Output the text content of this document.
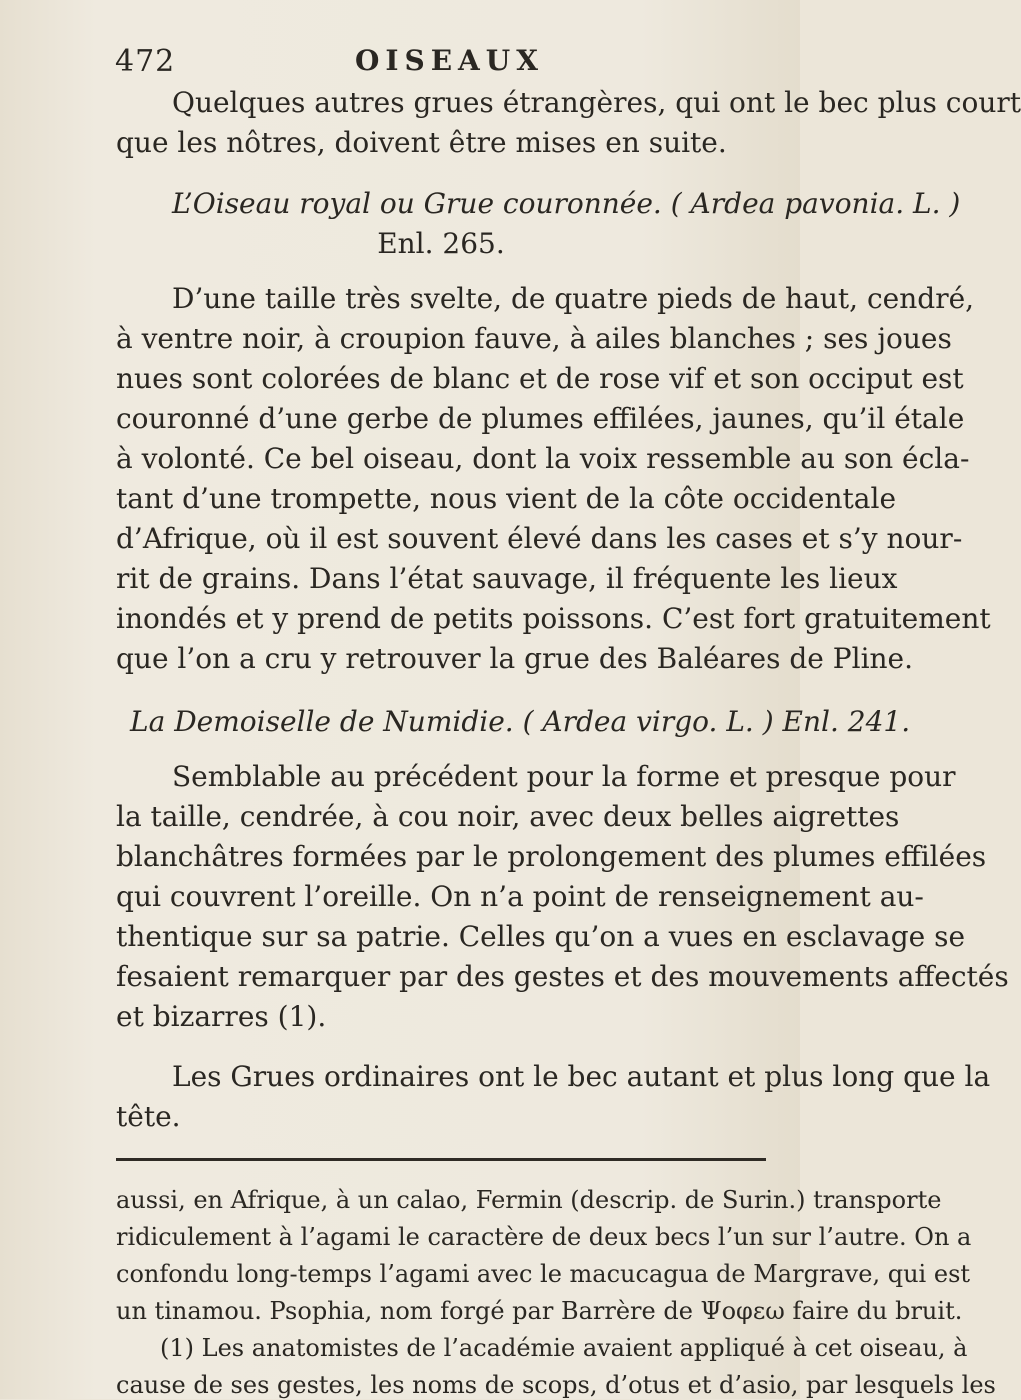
472	OISEAUX
Quelques autres grues étrangères, qui ont le bec plus court
que les nôtres, doivent être mises en suite.
L’Oiseau royal ou Grue couronnée. ( Ardea pavonia. L. )
Enl. 265.
D’une taille très svelte, de quatre pieds de haut, cendré,
à ventre noir, à croupion fauve, à ailes blanches ; ses joues
nues sont colorées de blanc et de rose vif et son occiput est
couronné d’une gerbe de plumes effilées, jaunes, qu’il étale
à volonté. Ce bel oiseau, dont la voix ressemble au son écla-
tant d’une trompette, nous vient de la côte occidentale
d’Afrique, où il est souvent élevé dans les cases et s’y nour-
rit de grains. Dans l’état sauvage, il fréquente les lieux
inondés et y prend de petits poissons. C’est fort gratuitement
que l’on a cru y retrouver la grue des Baléares de Pline.
La Demoiselle de Numidie. ( Ardea virgo. L. ) Enl. 241.
Semblable au précédent pour la forme et presque pour
la taille, cendrée, à cou noir, avec deux belles aigrettes
blanchâtres formées par le prolongement des plumes effilées
qui couvrent l’oreille. On n’a point de renseignement au-
thentique sur sa patrie. Celles qu’on a vues en esclavage se
fesaient remarquer par des gestes et des mouvements affectés
et bizarres (1).
Les Grues ordinaires ont le bec autant et plus long que la
tête.
aussi, en Afrique, à un calao, Fermin (descrip. de Surin.) transporte
ridiculement à l’agami le caractère de deux becs l’un sur l’autre. On a
confondu long-temps l’agami avec le macucagua de Margrave, qui est
un tinamou. Psophia, nom forgé par Barrère de Ψοφεω faire du bruit.
(1) Les anatomistes de l’académie avaient appliqué à cet oiseau, à
cause de ses gestes, les noms de scops, d’otus et d’asio, par lesquels les
